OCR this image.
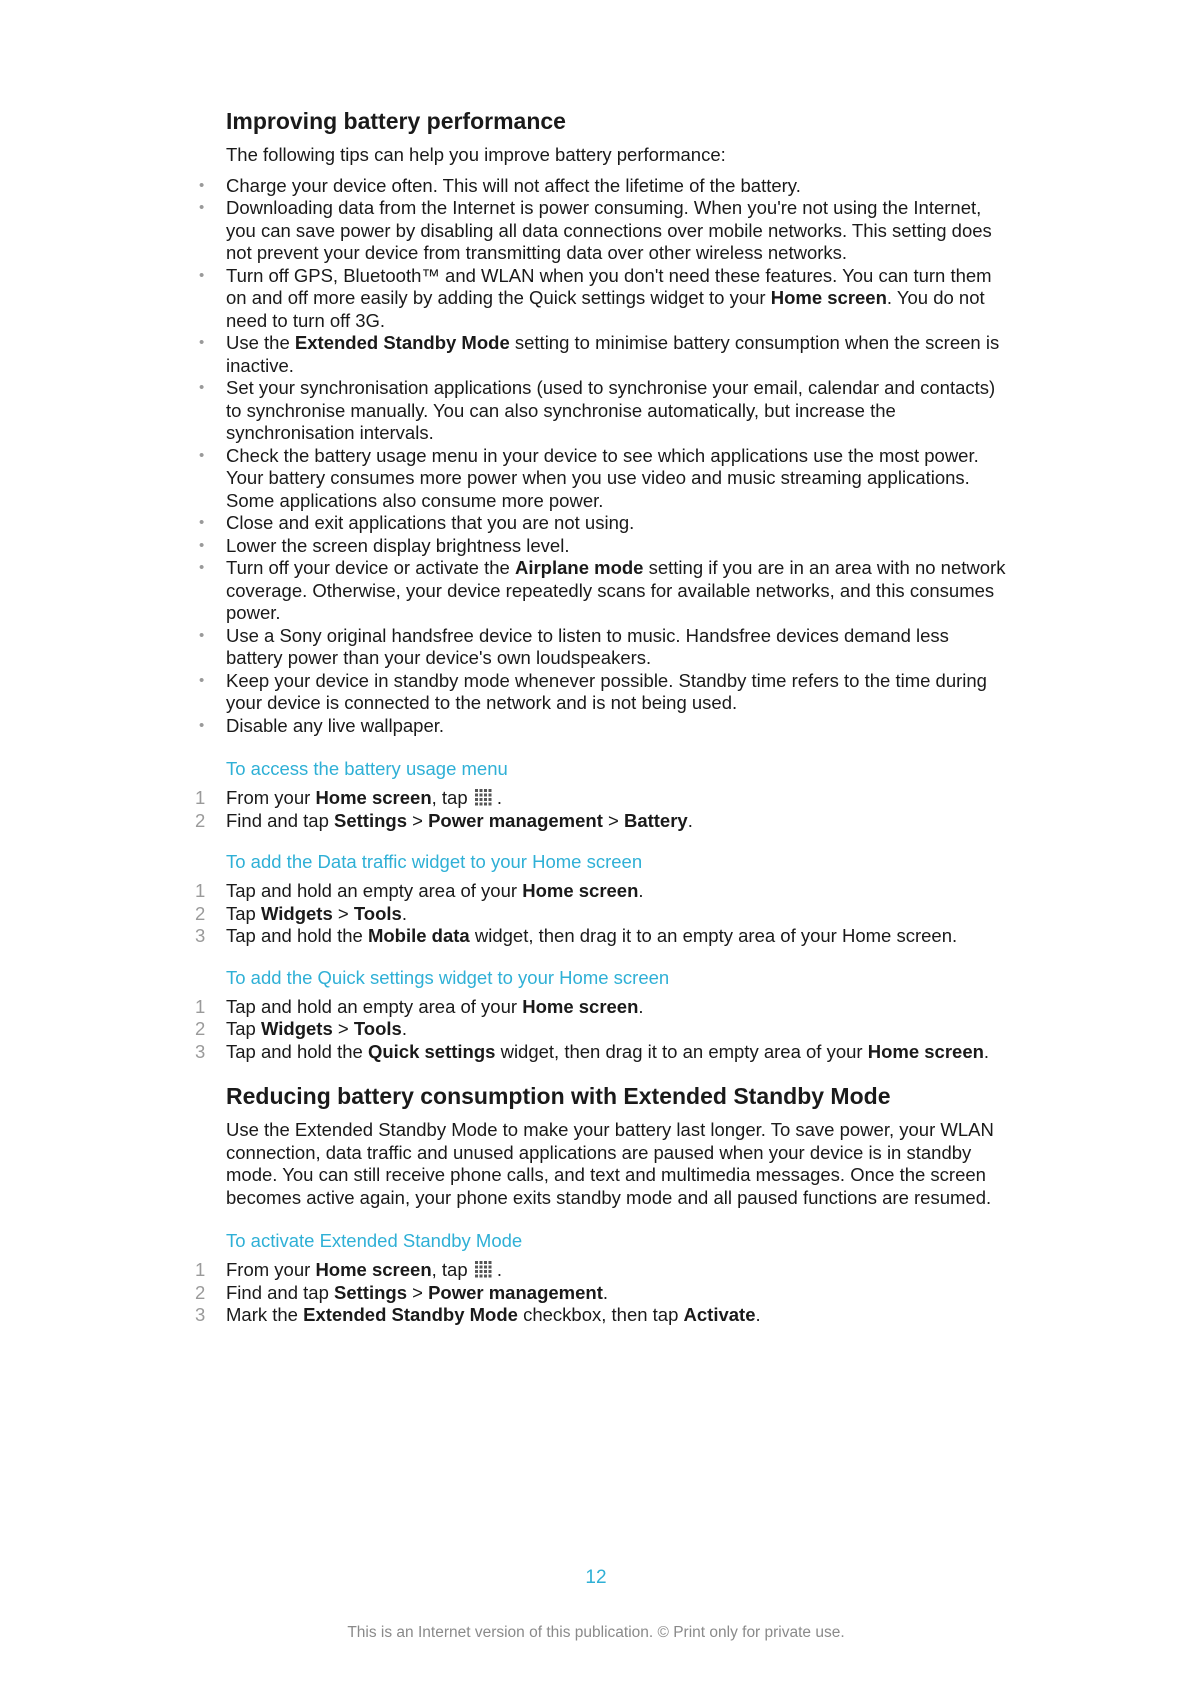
Improving battery performance

The following tips can help you improve battery performance:

• Charge your device often. This will not affect the lifetime of the battery.
• Downloading data from the Internet is power consuming. When you're not using the Internet, you can save power by disabling all data connections over mobile networks. This setting does not prevent your device from transmitting data over other wireless networks.
• Turn off GPS, Bluetooth™ and WLAN when you don't need these features. You can turn them on and off more easily by adding the Quick settings widget to your Home screen. You do not need to turn off 3G.
• Use the Extended Standby Mode setting to minimise battery consumption when the screen is inactive.
• Set your synchronisation applications (used to synchronise your email, calendar and contacts) to synchronise manually. You can also synchronise automatically, but increase the synchronisation intervals.
• Check the battery usage menu in your device to see which applications use the most power. Your battery consumes more power when you use video and music streaming applications. Some applications also consume more power.
• Close and exit applications that you are not using.
• Lower the screen display brightness level.
• Turn off your device or activate the Airplane mode setting if you are in an area with no network coverage. Otherwise, your device repeatedly scans for available networks, and this consumes power.
• Use a Sony original handsfree device to listen to music. Handsfree devices demand less battery power than your device's own loudspeakers.
• Keep your device in standby mode whenever possible. Standby time refers to the time during your device is connected to the network and is not being used.
• Disable any live wallpaper.
To access the battery usage menu
1 From your Home screen, tap  .
2 Find and tap Settings > Power management > Battery.
To add the Data traffic widget to your Home screen
1 Tap and hold an empty area of your Home screen.
2 Tap Widgets > Tools.
3 Tap and hold the Mobile data widget, then drag it to an empty area of your Home screen.
To add the Quick settings widget to your Home screen
1 Tap and hold an empty area of your Home screen.
2 Tap Widgets > Tools.
3 Tap and hold the Quick settings widget, then drag it to an empty area of your Home screen.
Reducing battery consumption with Extended Standby Mode

Use the Extended Standby Mode to make your battery last longer. To save power, your WLAN connection, data traffic and unused applications are paused when your device is in standby mode. You can still receive phone calls, and text and multimedia messages. Once the screen becomes active again, your phone exits standby mode and all paused functions are resumed.

To activate Extended Standby Mode
1 From your Home screen, tap  .
2 Find and tap Settings > Power management.
3 Mark the Extended Standby Mode checkbox, then tap Activate.
12
This is an Internet version of this publication. © Print only for private use.
